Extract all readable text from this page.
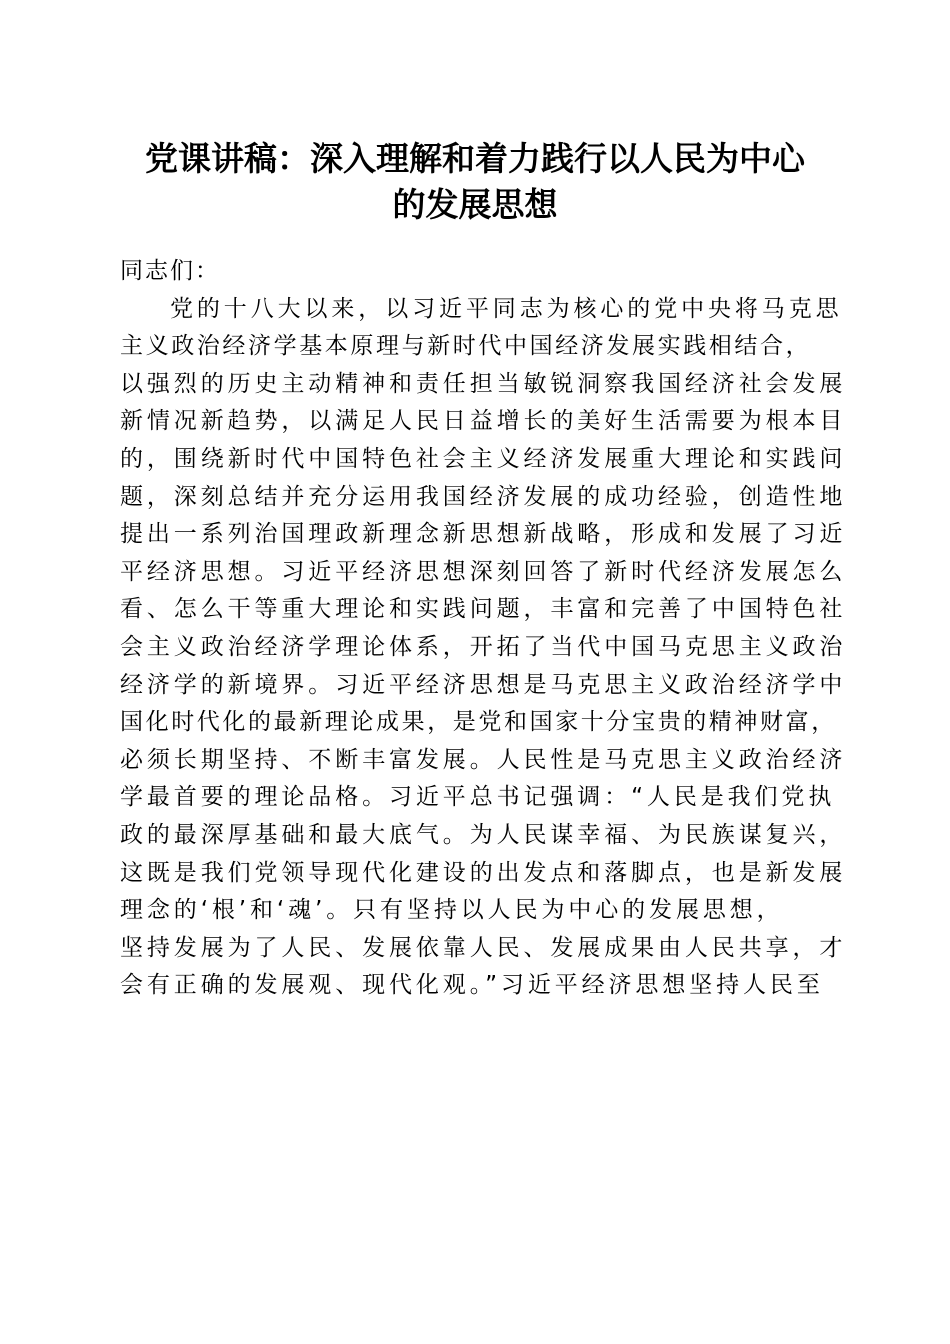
党课讲稿：深入理解和着力践行以人民为中心
的发展思想
同志们：
党的十八大以来，以习近平同志为核心的党中央将马克思
主义政治经济学基本原理与新时代中国经济发展实践相结合，
以强烈的历史主动精神和责任担当敏锐洞察我国经济社会发展
新情况新趋势，以满足人民日益增长的美好生活需要为根本目
的，围绕新时代中国特色社会主义经济发展重大理论和实践问
题，深刻总结并充分运用我国经济发展的成功经验，创造性地
提出一系列治国理政新理念新思想新战略，形成和发展了习近
平经济思想。习近平经济思想深刻回答了新时代经济发展怎么
看、怎么干等重大理论和实践问题，丰富和完善了中国特色社
会主义政治经济学理论体系，开拓了当代中国马克思主义政治
经济学的新境界。习近平经济思想是马克思主义政治经济学中
国化时代化的最新理论成果，是党和国家十分宝贵的精神财富，
必须长期坚持、不断丰富发展。人民性是马克思主义政治经济
学最首要的理论品格。习近平总书记强调：“人民是我们党执
政的最深厚基础和最大底气。为人民谋幸福、为民族谋复兴，
这既是我们党领导现代化建设的出发点和落脚点，也是新发展
理念的‘根’和‘魂’。只有坚持以人民为中心的发展思想，
坚持发展为了人民、发展依靠人民、发展成果由人民共享，才
会有正确的发展观、现代化观。”习近平经济思想坚持人民至
